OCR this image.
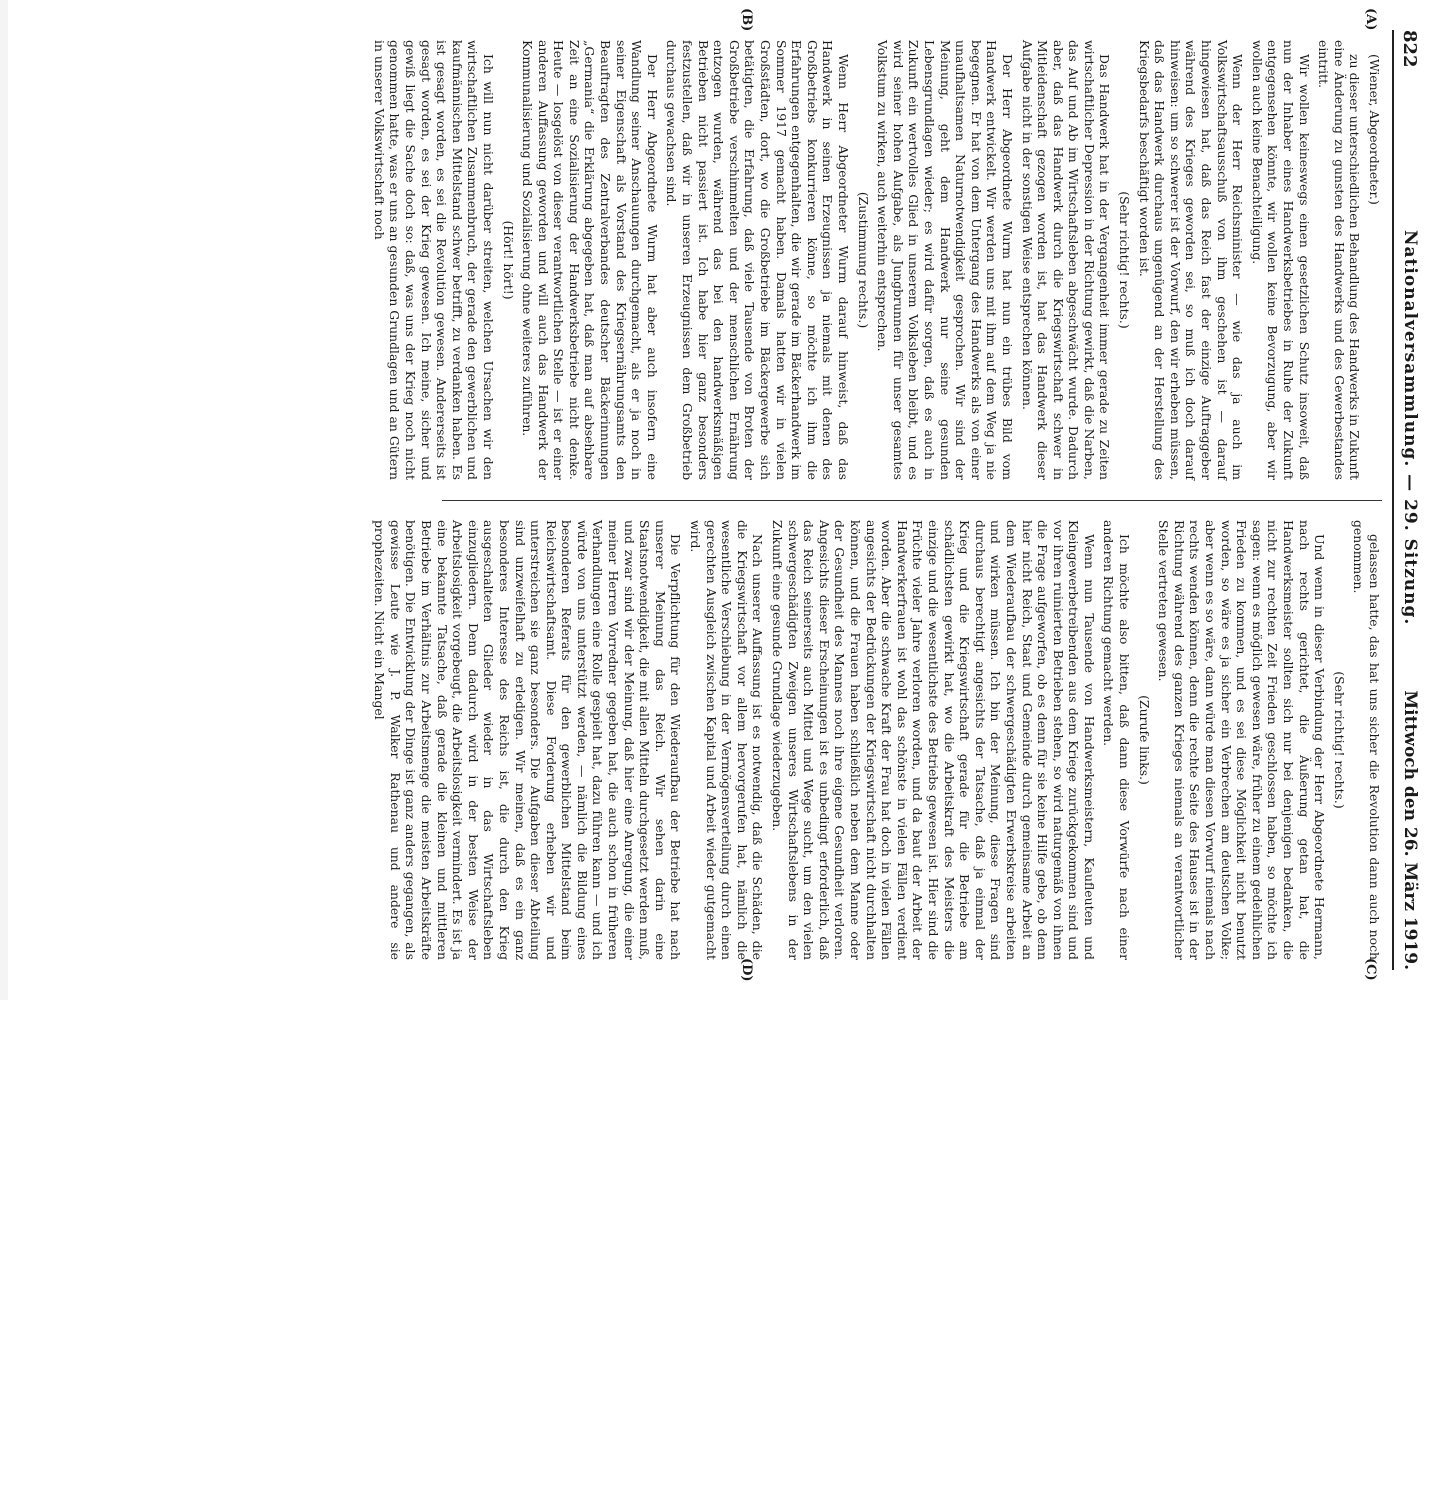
822
Nationalversammlung. — 29. Sitzung.
Mittwoch den 26. März 1919.
(A)
(B)
(C)
(D)

(Wiener, Abgeordneter.)

zu dieser unterschiedlichen Behandlung des Handwerks in Zukunft eine Änderung zu gunsten des Handwerks und des Gewerbestandes eintritt.

Wir wollen keineswegs einen gesetzlichen Schutz insoweit, daß nun der Inhaber eines Handwerksbetriebes in Ruhe der Zukunft entgegensehen könnte, wir wollen keine Bevorzugung, aber wir wollen auch keine Benachteiligung.

Wenn der Herr Reichsminister — wie das ja auch im Volkswirtschaftsausschuß von ihm geschehen ist — darauf hingewiesen hat, daß das Reich fast der einzige Auftraggeber während des Krieges geworden sei, so muß ich doch darauf hinweisen: um so schwerer ist der Vorwurf, den wir erheben müssen, daß das Handwerk durchaus ungenügend an der Herstellung des Kriegsbedarfs beschäftigt worden ist.

(Sehr richtig! rechts.)

Das Handwerk hat in der Vergangenheit immer gerade zu Zeiten wirtschaftlicher Depression in der Richtung gewirkt, daß die Narben, das Auf und Ab im Wirtschaftsleben abgeschwächt wurde. Dadurch aber, daß das Handwerk durch die Kriegswirtschaft schwer in Mitleidenschaft gezogen worden ist, hat das Handwerk dieser Aufgabe nicht in der sonstigen Weise entsprechen können.

Der Herr Abgeordnete Wurm hat nun ein trübes Bild vom Handwerk entwickelt. Wir werden uns mit ihm auf dem Weg ja nie begegnen. Er hat von dem Untergang des Handwerks als von einer unaufhaltsamen Naturnotwendigkeit gesprochen. Wir sind der Meinung, geht dem Handwerk nur seine gesunden Lebensgrundlagen wieder; es wird dafür sorgen, daß es auch in Zukunft ein wertvolles Glied in unserem Volksleben bleibt, und es wird seiner hohen Aufgabe, als Jungbrunnen für unser gesamtes Volkstum zu wirken, auch weiterhin entsprechen.

(Zustimmung rechts.)

Wenn Herr Abgeordneter Wurm darauf hinweist, daß das Handwerk in seinen Erzeugnissen ja niemals mit denen des Großbetriebs konkurrieren könne, so möchte ich ihm die Erfahrungen entgegenhalten, die wir gerade im Bäckerhandwerk im Sommer 1917 gemacht haben. Damals hatten wir in vielen Großstädten, dort, wo die Großbetriebe im Bäckergewerbe sich betätigten, die Erfahrung, daß viele Tausende von Broten der Großbetriebe verschimmelten und der menschlichen Ernährung entzogen wurden, während das bei den handwerksmäßigen Betrieben nicht passiert ist. Ich habe hier ganz besonders festzustellen, daß wir in unseren Erzeugnissen dem Großbetrieb durchaus gewachsen sind.

Der Herr Abgeordnete Wurm hat aber auch insofern eine Wandlung seiner Anschauungen durchgemacht, als er ja noch in seiner Eigenschaft als Vorstand des Kriegsernährungsamts den Beauftragten des Zentralverbandes deutscher Bäckerinnungen „Germania“ die Erklärung abgegeben hat, daß man auf absehbare Zeit an eine Sozialisierung der Handwerksbetriebe nicht denke. Heute — losgelöst von dieser verantwortlichen Stelle — ist er einer anderen Auffassung geworden und will auch das Handwerk der Kommunalisierung und Sozialisierung ohne weiteres zuführen.

(Hört! hört!)

Ich will nun nicht darüber streiten, welchen Ursachen wir den wirtschaftlichen Zusammenbruch, der gerade den gewerblichen und kaufmännischen Mittelstand schwer betrifft, zu verdanken haben. Es ist gesagt worden, es sei die Revolution gewesen. Andererseits ist gesagt worden, es sei der Krieg gewesen. Ich meine, sicher und gewiß liegt die Sache doch so: daß, was uns der Krieg noch nicht genommen hatte, was er uns an gesunden Grundlagen und an Gütern in unserer Volkswirtschaft noch

gelassen hatte, das hat uns sicher die Revolution dann auch noch genommen.

(Sehr richtig! rechts.)

Und wenn in dieser Verbindung der Herr Abgeordnete Hermann, nach rechts gerichtet, die Äußerung getan hat, die Handwerksmeister sollten sich nur bei denjenigen bedanken, die nicht zur rechten Zeit Frieden geschlossen haben, so möchte ich sagen: wenn es möglich gewesen wäre, früher zu einem gedeihlichen Frieden zu kommen, und es sei diese Möglichkeit nicht benutzt worden, so wäre es ja sicher ein Verbrechen am deutschen Volke; aber wenn es so wäre, dann würde man diesen Vorwurf niemals nach rechts wenden können, denn die rechte Seite des Hauses ist in der Richtung während des ganzen Krieges niemals an verantwortlicher Stelle vertreten gewesen.

(Zurufe links.)

Ich möchte also bitten, daß dann diese Vorwürfe nach einer anderen Richtung gemacht werden.

Wenn nun Tausende von Handwerksmeistern, Kaufleuten und Kleingewerbetreibenden aus dem Kriege zurückgekommen sind und vor ihren ruinierten Betrieben stehen, so wird naturgemäß von ihnen die Frage aufgeworfen, ob es denn für sie keine Hilfe gebe, ob denn hier nicht Reich, Staat und Gemeinde durch gemeinsame Arbeit an dem Wiederaufbau der schwergeschädigten Erwerbskreise arbeiten und wirken müssen. Ich bin der Meinung, diese Fragen sind durchaus berechtigt angesichts der Tatsache, daß ja einmal der Krieg und die Kriegswirtschaft gerade für die Betriebe am schädlichsten gewirkt hat, wo die Arbeitskraft des Meisters die einzige und die wesentlichste des Betriebs gewesen ist. Hier sind die Früchte vieler Jahre verloren worden, und da baut der Arbeit der Handwerkerfrauen ist wohl das schönste in vielen Fällen verdient worden. Aber die schwache Kraft der Frau hat doch in vielen Fällen angesichts der Bedrückungen der Kriegswirtschaft nicht durchhalten können, und die Frauen haben schließlich neben dem Manne oder der Gesundheit des Mannes noch ihre eigene Gesundheit verloren. Angesichts dieser Erscheinungen ist es unbedingt erforderlich, daß das Reich seinerseits auch Mittel und Wege sucht, um den vielen schwergeschädigten Zweigen unseres Wirtschaftslebens in der Zukunft eine gesunde Grundlage wiederzugeben.

Nach unserer Auffassung ist es notwendig, daß die Schäden, die die Kriegswirtschaft vor allem hervorgerufen hat, nämlich die wesentliche Verschiebung in der Vermögensverteilung durch einen gerechten Ausgleich zwischen Kapital und Arbeit wieder gutgemacht wird.

Die Verpflichtung für den Wiederaufbau der Betriebe hat nach unserer Meinung das Reich. Wir sehen darin eine Staatsnotwendigkeit, die mit allen Mitteln durchgesetzt werden muß, und zwar sind wir der Meinung, daß hier eine Anregung, die einer meiner Herren Vorredner gegeben hat, die auch schon in früheren Verhandlungen eine Rolle gespielt hat, dazu führen kann — und ich würde von uns unterstützt werden, — nämlich die Bildung eines besonderen Referats für den gewerblichen Mittelstand beim Reichswirtschaftsamt. Diese Forderung erheben wir und unterstreichen sie ganz besonders. Die Aufgaben dieser Abteilung sind unzweifelhaft zu erledigen. Wir meinen, daß es ein ganz besonderes Interesse des Reichs ist, die durch den Krieg ausgeschalteten Glieder wieder in das Wirtschaftsleben einzugliedern. Denn dadurch wird in der besten Weise der Arbeitslosigkeit vorgebeugt, die Arbeitslosigkeit vermindert. Es ist ja eine bekannte Tatsache, daß gerade die kleinen und mittleren Betriebe im Verhältnis zur Arbeitsmenge die meisten Arbeitskräfte benötigen. Die Entwicklung der Dinge ist ganz anders gegangen, als gewisse Leute wie J. P. Walker Rathenau und andere sie prophezeiten. Nicht ein Mangel
